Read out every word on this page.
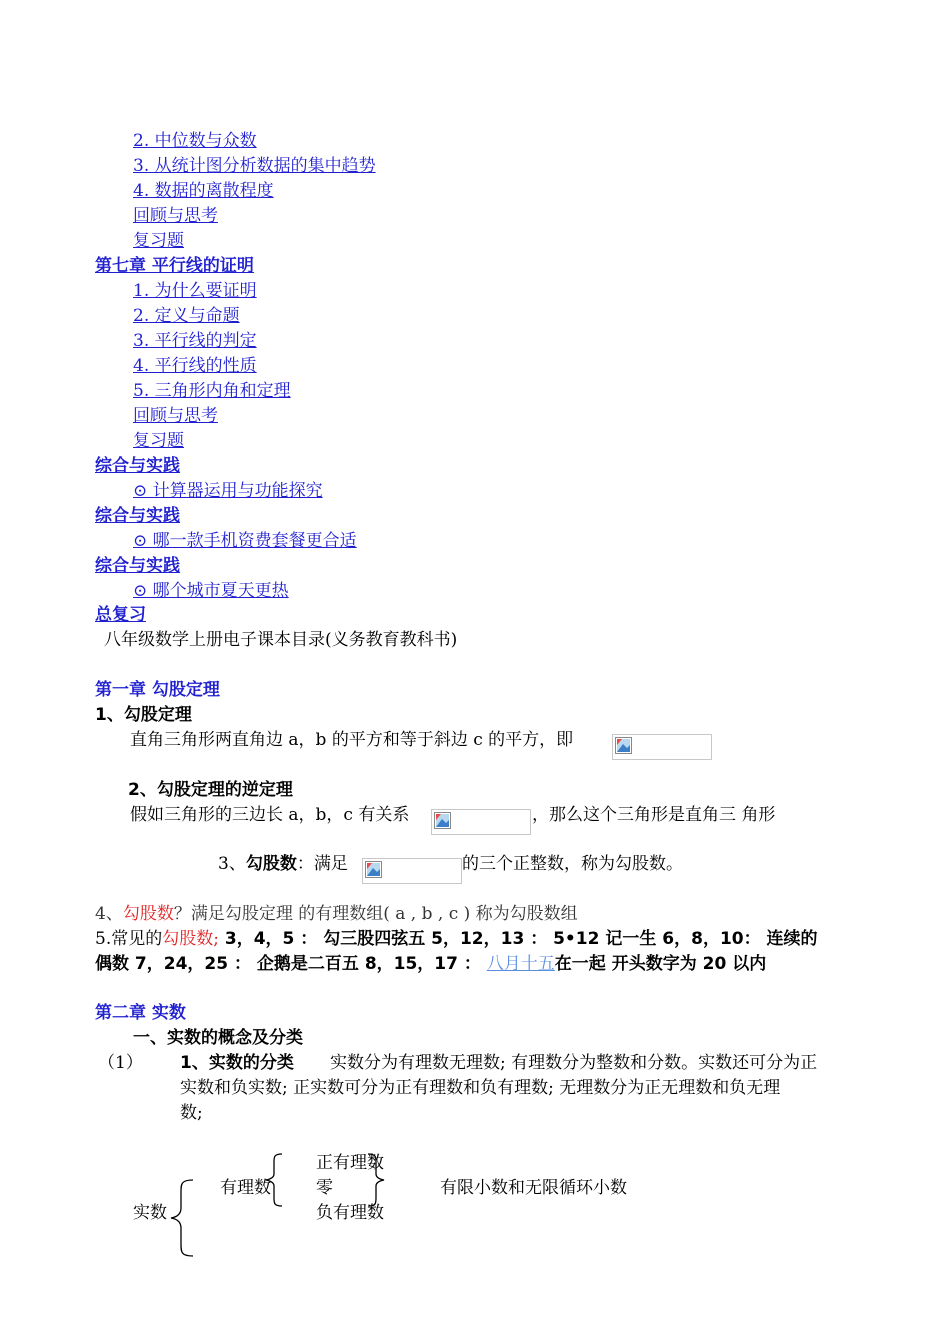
2. 中位数与众数
3. 从统计图分析数据的集中趋势
4. 数据的离散程度
回顾与思考
复习题
第七章 平行线的证明
1. 为什么要证明
2. 定义与命题
3. 平行线的判定
4. 平行线的性质
5. 三角形内角和定理
回顾与思考
复习题
综合与实践
⊙ 计算器运用与功能探究
综合与实践
⊙ 哪一款手机资费套餐更合适
综合与实践
⊙ 哪个城市夏天更热
总复习
八年级数学上册电子课本目录(义务教育教科书)
第一章 勾股定理
1、勾股定理
直角三角形两直角边 a，b 的平方和等于斜边 c 的平方，即
2、勾股定理的逆定理
假如三角形的三边长 a，b，c 有关系	，那么这个三角形是直角三 角形
3、勾股数：满足	的三个正整数，称为勾股数。
4、勾股数？满足勾股定理 的有理数组( a , b , c ) 称为勾股数组
5.常见的勾股数; 3，4，5 ： 勾三股四弦五 5，12，13 ： 5•12 记一生 6，8，10： 连续的
偶数 7，24，25 ： 企鹅是二百五 8，15，17 ： 八月十五在一起 开头数字为 20 以内
第二章 实数
一、实数的概念及分类
（1） 1、实数的分类 实数分为有理数无理数; 有理数分为整数和分数。实数还可分为正
实数和负实数; 正实数可分为正有理数和负有理数; 无理数分为正无理数和负无理
数;
正有理数
有理数	零	有限小数和无限循环小数
负有理数
实数
